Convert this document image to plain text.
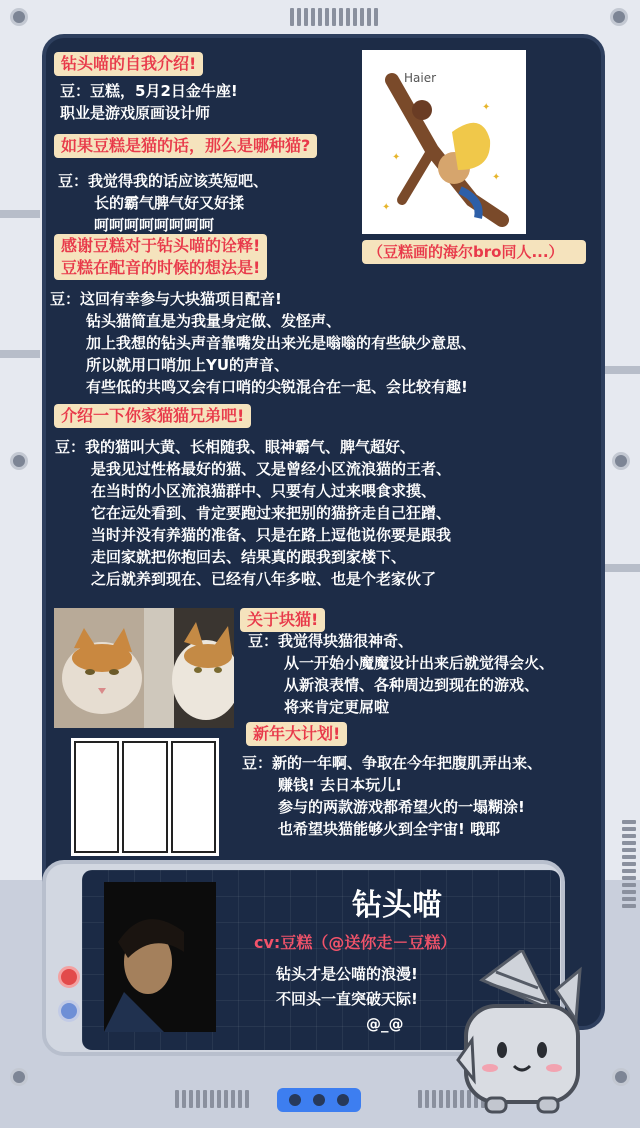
钻头喵的自我介绍!
豆：豆糕，5月2日金牛座!
职业是游戏原画设计师
如果豆糕是猫的话，那么是哪种猫?
豆：我觉得我的话应该英短吧、
长的霸气脾气好又好揉
呵呵呵呵呵呵呵呵
感谢豆糕对于钻头喵的诠释!
豆糕在配音的时候的想法是!
豆：这回有幸参与大块猫项目配音!
钻头猫简直是为我量身定做、发怪声、
加上我想的钻头声音靠嘴发出来光是嗡嗡的有些缺少意思、
所以就用口哨加上YU的声音、
有些低的共鸣又会有口哨的尖锐混合在一起、会比较有趣!
介绍一下你家猫猫兄弟吧!
豆：我的猫叫大黄、长相随我、眼神霸气、脾气超好、
是我见过性格最好的猫、又是曾经小区流浪猫的王者、
在当时的小区流浪猫群中、只要有人过来喂食求摸、
它在远处看到、肯定要跑过来把别的猫挤走自己狂蹭、
当时并没有养猫的准备、只是在路上逗他说你要是跟我
走回家就把你抱回去、结果真的跟我到家楼下、
之后就养到现在、已经有八年多啦、也是个老家伙了
Haier
✦
✦
✦
✦
（豆糕画的海尔bro同人...）
关于块猫!
豆：我觉得块猫很神奇、
从一开始小魔魔设计出来后就觉得会火、
从新浪表情、各种周边到现在的游戏、
将来肯定更屌啦
新年大计划!
豆：新的一年啊、争取在今年把腹肌弄出来、
赚钱! 去日本玩儿!
参与的两款游戏都希望火的一塌糊涂!
也希望块猫能够火到全宇宙! 哦耶
钻头喵
cv:豆糕（@送你走－豆糕）
钻头才是公喵的浪漫!
不回头一直突破天际!
@_@
